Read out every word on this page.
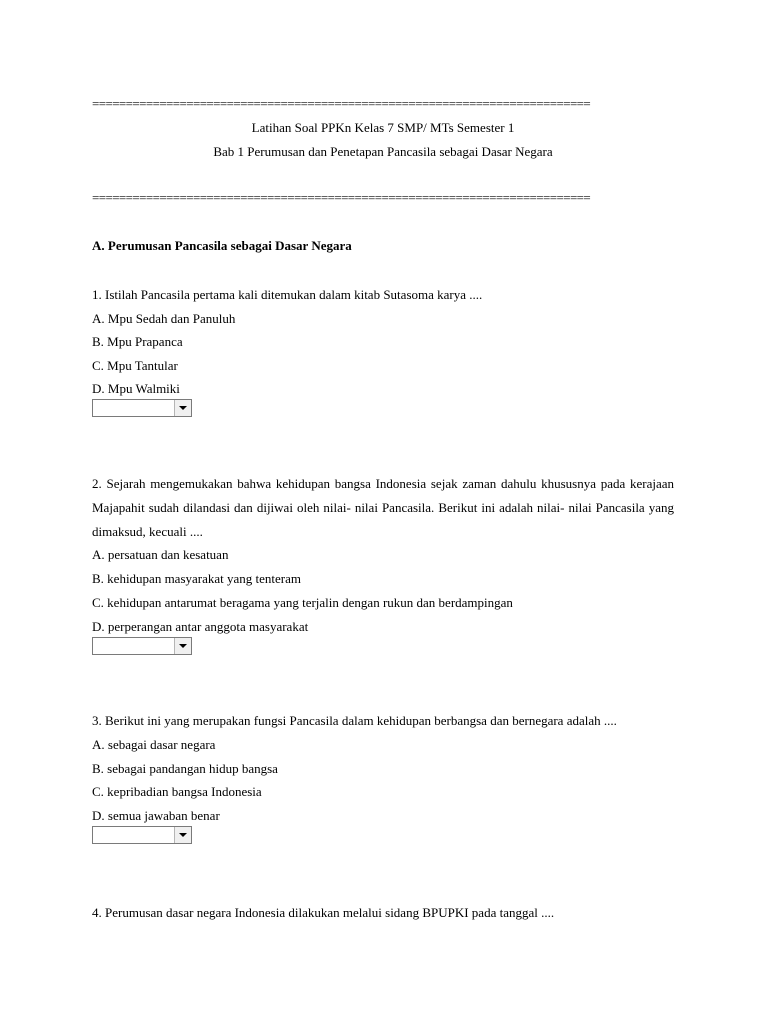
==========================================================================
Latihan Soal PPKn Kelas 7 SMP/ MTs Semester 1
Bab 1 Perumusan dan Penetapan Pancasila sebagai Dasar Negara
==========================================================================
A. Perumusan Pancasila sebagai Dasar Negara
1. Istilah Pancasila pertama kali ditemukan dalam kitab Sutasoma karya ....
A. Mpu Sedah dan Panuluh
B. Mpu Prapanca
C. Mpu Tantular
D. Mpu Walmiki
2. Sejarah mengemukakan bahwa kehidupan bangsa Indonesia sejak zaman dahulu khususnya pada kerajaan Majapahit sudah dilandasi dan dijiwai oleh nilai- nilai Pancasila. Berikut ini adalah nilai- nilai Pancasila yang dimaksud, kecuali ....
A. persatuan dan kesatuan
B. kehidupan masyarakat yang tenteram
C. kehidupan antarumat beragama yang terjalin dengan rukun dan berdampingan
D. perperangan antar anggota masyarakat
3. Berikut ini yang merupakan fungsi Pancasila dalam kehidupan berbangsa dan bernegara adalah ....
A. sebagai dasar negara
B. sebagai pandangan hidup bangsa
C. kepribadian bangsa Indonesia
D. semua jawaban benar
4. Perumusan dasar negara Indonesia dilakukan melalui sidang BPUPKI pada tanggal ....
